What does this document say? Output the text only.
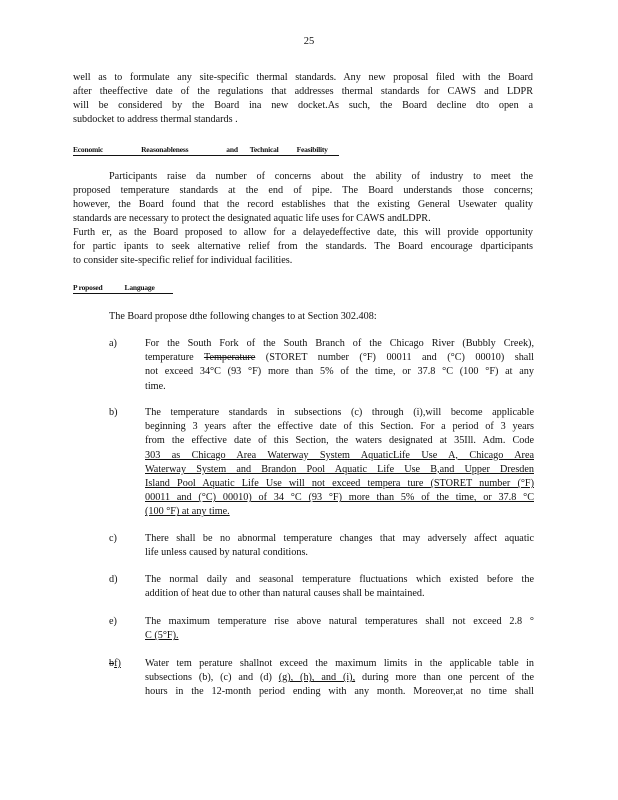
25
well as to formulate any site-specific thermal standards. Any new proposal filed with the Board
after theeffective date of the regulations that addresses thermal standards for CAWS and LDPR
will be considered by the Board ina new docket.As such, the Board decline dto open a
subdocket to address thermal standards .
Economic	Reasonableness	and Technical Feasibility
Participants raise da number of concerns about the ability of industry to meet the
proposed temperature standards at the end of pipe. The Board understands those concerns;
however, the Board found that the record establishes that the existing General Usewater quality
standards are necessary to protect the designated aquatic life uses for CAWS andLDPR.
Furth er, as the Board proposed to allow for a delayedeffective date, this will provide opportunity
for partic ipants to seek alternative relief from the standards. The Board encourage dparticipants
to consider site-specific relief for individual facilities.
P roposed	Language
The Board propose dthe following changes to at Section 302.408:
a)	For the South Fork of the South Branch of the Chicago River (Bubbly Creek),
temperature Temperature (STORET number (°F) 00011 and (°C) 00010) shall
not exceed 34°C (93 °F) more than 5% of the time, or 37.8 °C (100 °F) at any
time.
b)	The temperature standards in subsections (c) through (i),will become applicable
beginning 3 years after the effective date of this Section. For a period of 3 years
from the effective date of this Section, the waters designated at 35Ill. Adm. Code
303 as Chicago Area Waterway System AquaticLife Use A, Chicago Area
Waterway System and Brandon Pool Aquatic Life Use B,and Upper Dresden
Island Pool Aquatic Life Use will not exceed tempera ture (STORET number (°F)
00011 and (°C) 00010) of 34 °C (93 °F) more than 5% of the time, or 37.8 °C
(100 °F) at any time.
c)	There shall be no abnormal temperature changes that may adversely affect aquatic
life unless caused by natural conditions.
d)	The normal daily and seasonal temperature fluctuations which existed before the
addition of heat due to other than natural causes shall be maintained.
e)	The maximum temperature rise above natural temperatures shall not exceed 2.8 °
C (5°F).
bf) Water tem perature shallnot exceed the maximum limits in the applicable table in
subsections (b), (c) and (d) (g), (h), and (i), during more than one percent of the
hours in the 12-month period ending with any month. Moreover,at no time shall
